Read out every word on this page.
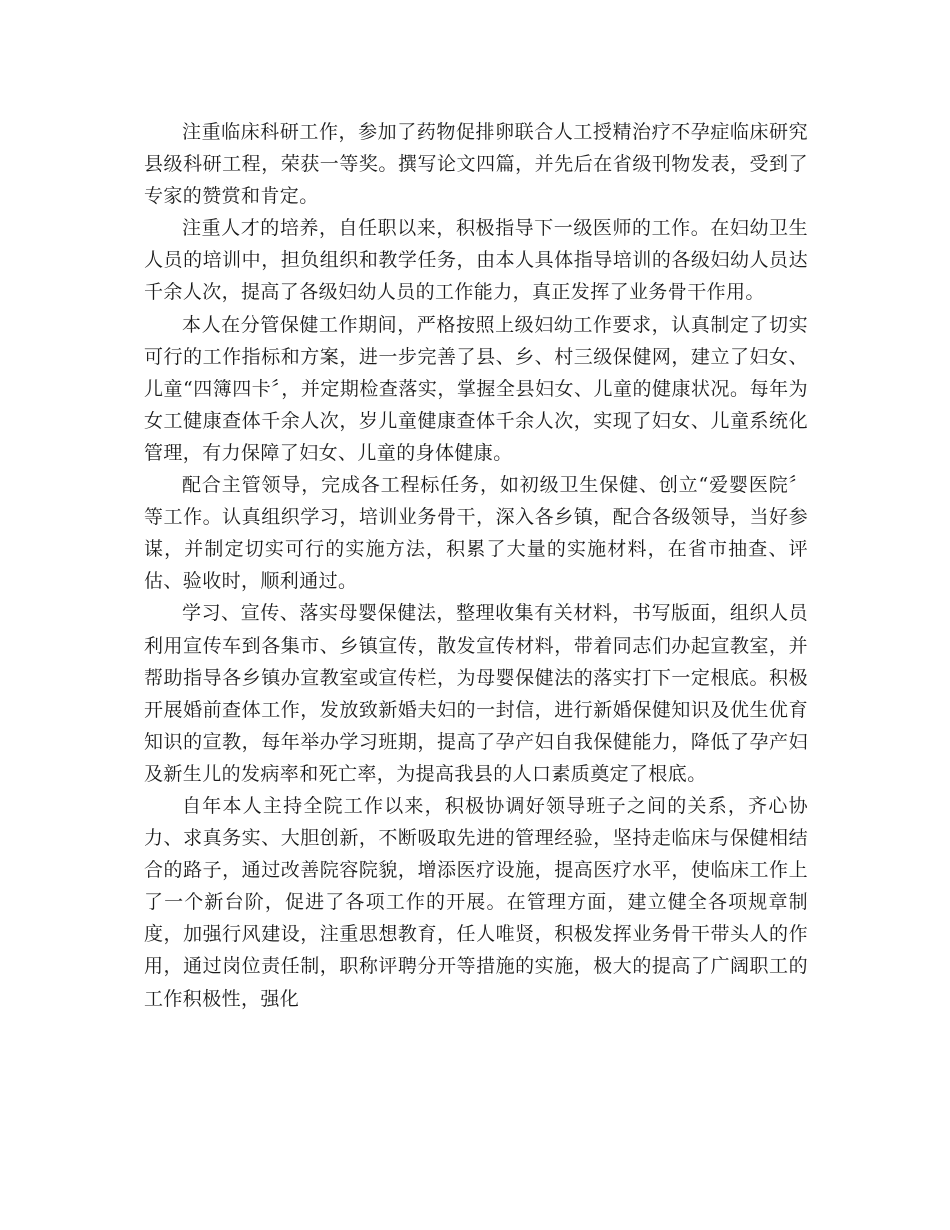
注重临床科研工作，参加了药物促排卵联合人工授精治疗不孕症临床研究县级科研工程，荣获一等奖。撰写论文四篇，并先后在省级刊物发表，受到了专家的赞赏和肯定。

注重人才的培养，自任职以来，积极指导下一级医师的工作。在妇幼卫生人员的培训中，担负组织和教学任务，由本人具体指导培训的各级妇幼人员达千余人次，提高了各级妇幼人员的工作能力，真正发挥了业务骨干作用。

本人在分管保健工作期间，严格按照上级妇幼工作要求，认真制定了切实可行的工作指标和方案，进一步完善了县、乡、村三级保健网，建立了妇女、儿童“四簿四卡〞，并定期检查落实，掌握全县妇女、儿童的健康状况。每年为女工健康查体千余人次，岁儿童健康查体千余人次，实现了妇女、儿童系统化管理，有力保障了妇女、儿童的身体健康。

配合主管领导，完成各工程标任务，如初级卫生保健、创立“爱婴医院〞等工作。认真组织学习，培训业务骨干，深入各乡镇，配合各级领导，当好参谋，并制定切实可行的实施方法，积累了大量的实施材料，在省市抽查、评估、验收时，顺利通过。

学习、宣传、落实母婴保健法，整理收集有关材料，书写版面，组织人员利用宣传车到各集市、乡镇宣传，散发宣传材料，带着同志们办起宣教室，并帮助指导各乡镇办宣教室或宣传栏，为母婴保健法的落实打下一定根底。积极开展婚前查体工作，发放致新婚夫妇的一封信，进行新婚保健知识及优生优育知识的宣教，每年举办学习班期，提高了孕产妇自我保健能力，降低了孕产妇及新生儿的发病率和死亡率，为提高我县的人口素质奠定了根底。

自年本人主持全院工作以来，积极协调好领导班子之间的关系，齐心协力、求真务实、大胆创新，不断吸取先进的管理经验，坚持走临床与保健相结合的路子，通过改善院容院貌，增添医疗设施，提高医疗水平，使临床工作上了一个新台阶，促进了各项工作的开展。在管理方面，建立健全各项规章制度，加强行风建设，注重思想教育，任人唯贤，积极发挥业务骨干带头人的作用，通过岗位责任制，职称评聘分开等措施的实施，极大的提高了广阔职工的工作积极性，强化
